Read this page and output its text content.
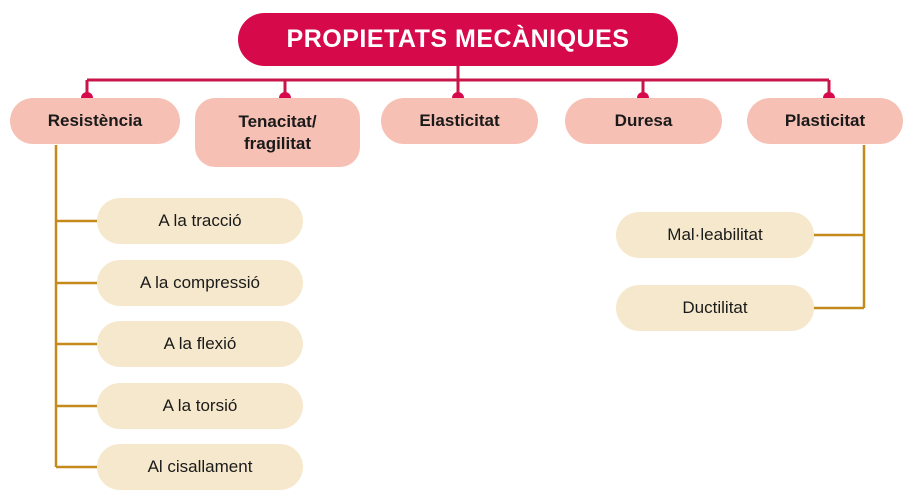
PROPIETATS MECÀNIQUES
Resistència	Tenacitat/
fragilitat
Elasticitat	Duresa	Plasticitat
A la tracció
A la compressió
A la flexió
A la torsió
Al cisallament
Mal·leabilitat
Ductilitat
